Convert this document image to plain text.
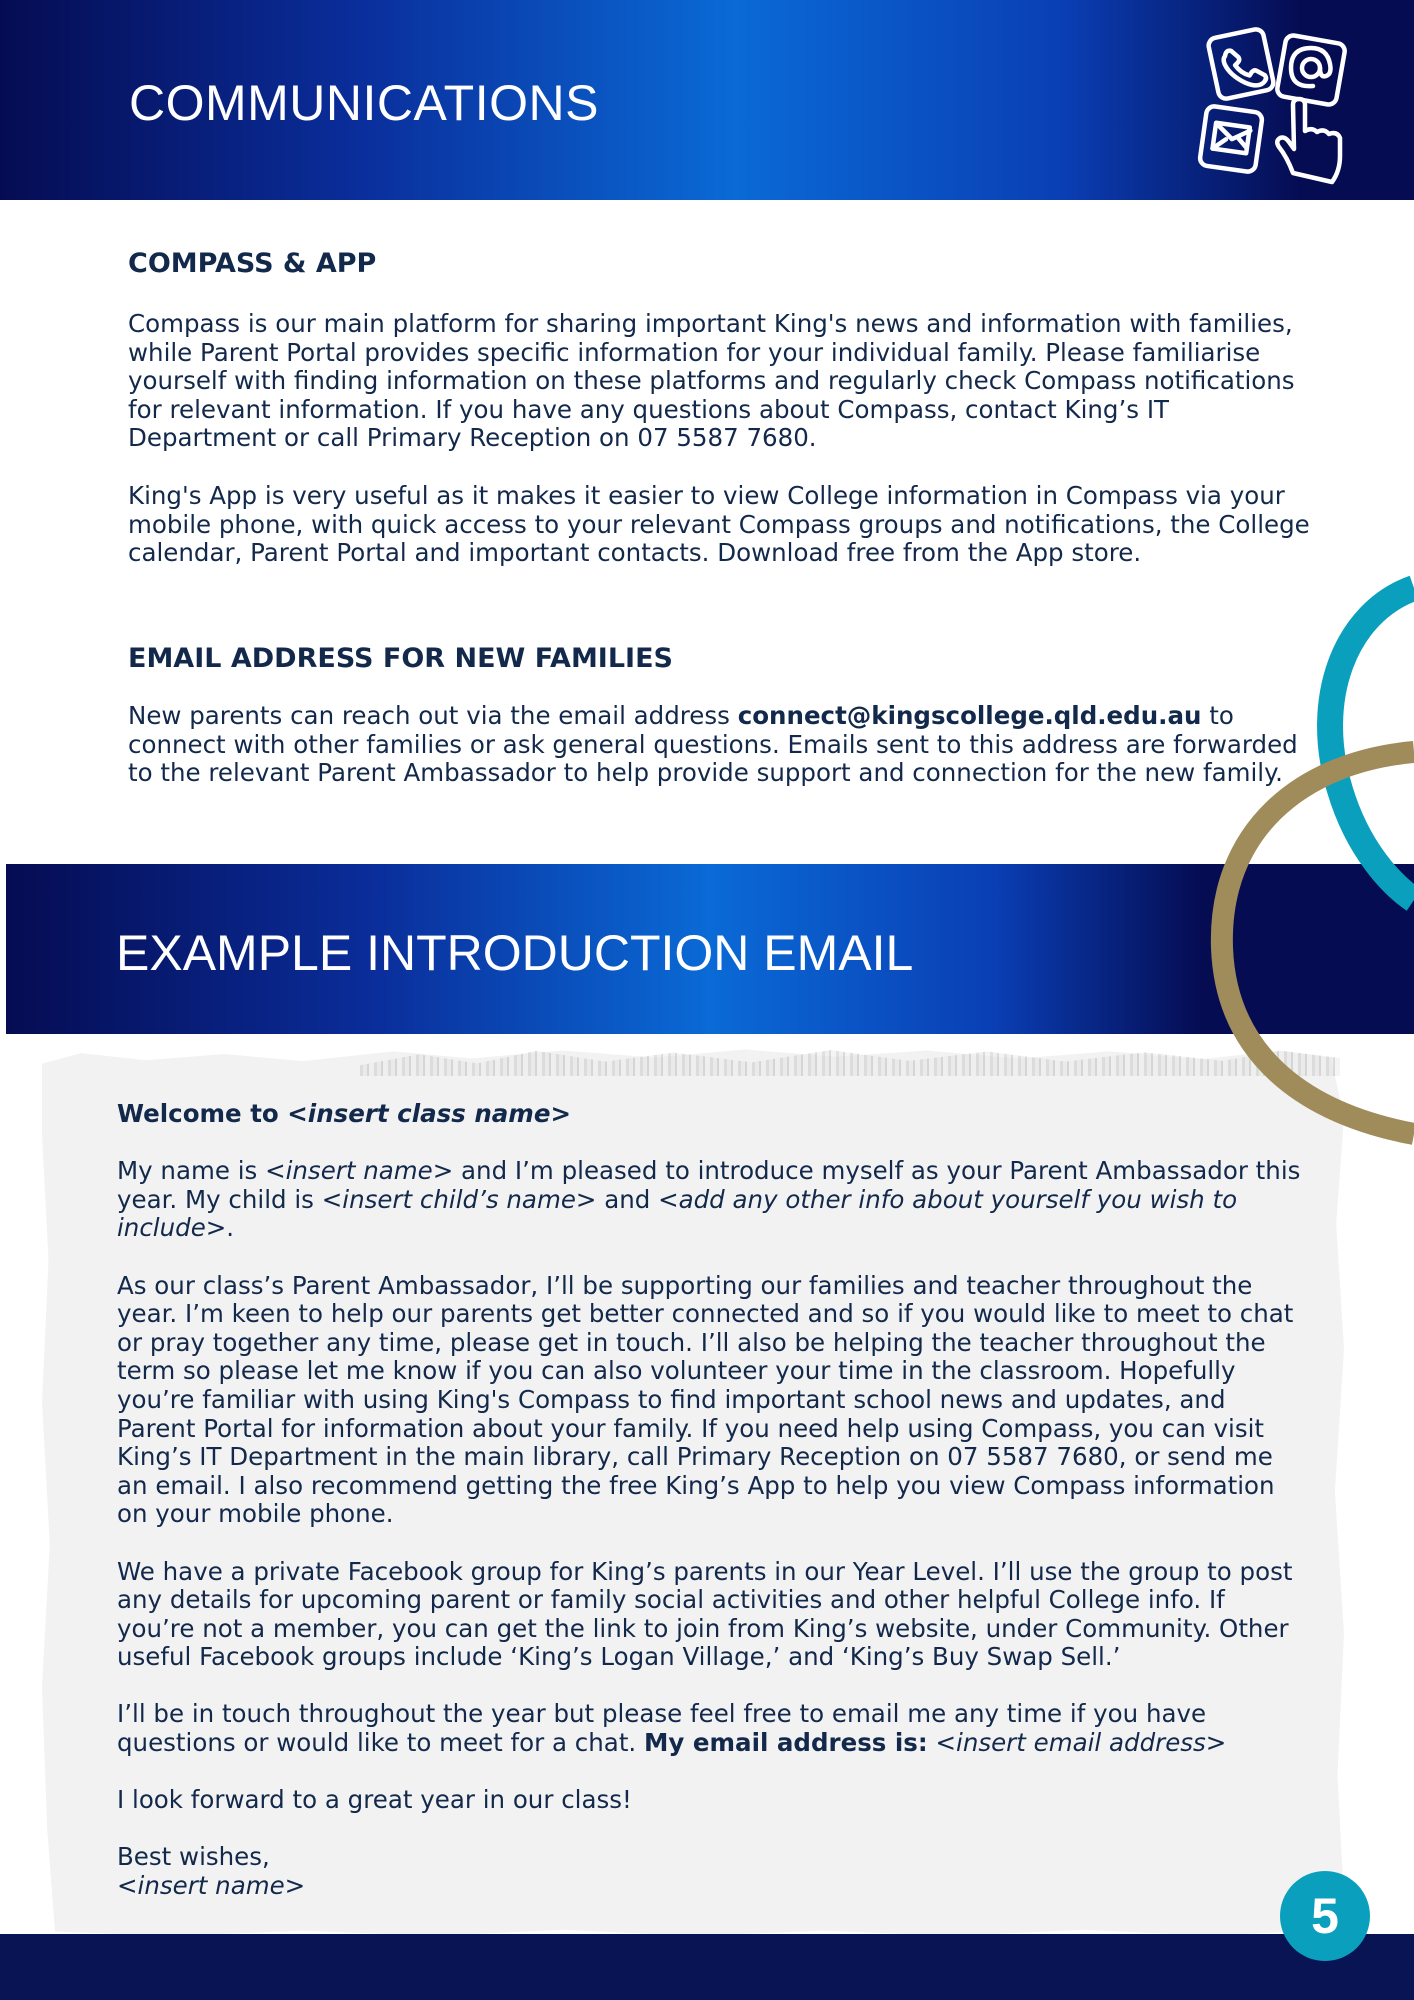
COMMUNICATIONS
COMPASS & APP

Compass is our main platform for sharing important King's news and information with families, while Parent Portal provides specific information for your individual family. Please familiarise yourself with finding information on these platforms and regularly check Compass notifications for relevant information. If you have any questions about Compass, contact King’s IT Department or call Primary Reception on 07 5587 7680.

King's App is very useful as it makes it easier to view College information in Compass via your mobile phone, with quick access to your relevant Compass groups and notifications, the College calendar, Parent Portal and important contacts. Download free from the App store.

EMAIL ADDRESS FOR NEW FAMILIES

New parents can reach out via the email address connect@kingscollege.qld.edu.au to connect with other families or ask general questions. Emails sent to this address are forwarded to the relevant Parent Ambassador to help provide support and connection for the new family.

EXAMPLE INTRODUCTION EMAIL

Welcome to <insert class name>

My name is <insert name> and I’m pleased to introduce myself as your Parent Ambassador this year. My child is <insert child’s name> and <add any other info about yourself you wish to include>.

As our class’s Parent Ambassador, I’ll be supporting our families and teacher throughout the year. I’m keen to help our parents get better connected and so if you would like to meet to chat or pray together any time, please get in touch. I’ll also be helping the teacher throughout the term so please let me know if you can also volunteer your time in the classroom. Hopefully you’re familiar with using King's Compass to find important school news and updates, and Parent Portal for information about your family. If you need help using Compass, you can visit King’s IT Department in the main library, call Primary Reception on 07 5587 7680, or send me an email. I also recommend getting the free King’s App to help you view Compass information on your mobile phone.

We have a private Facebook group for King’s parents in our Year Level. I’ll use the group to post any details for upcoming parent or family social activities and other helpful College info. If you’re not a member, you can get the link to join from King’s website, under Community. Other useful Facebook groups include ‘King’s Logan Village,’ and ‘King’s Buy Swap Sell.’

I’ll be in touch throughout the year but please feel free to email me any time if you have questions or would like to meet for a chat. My email address is: <insert email address>

I look forward to a great year in our class!

Best wishes,

<insert name>

5
